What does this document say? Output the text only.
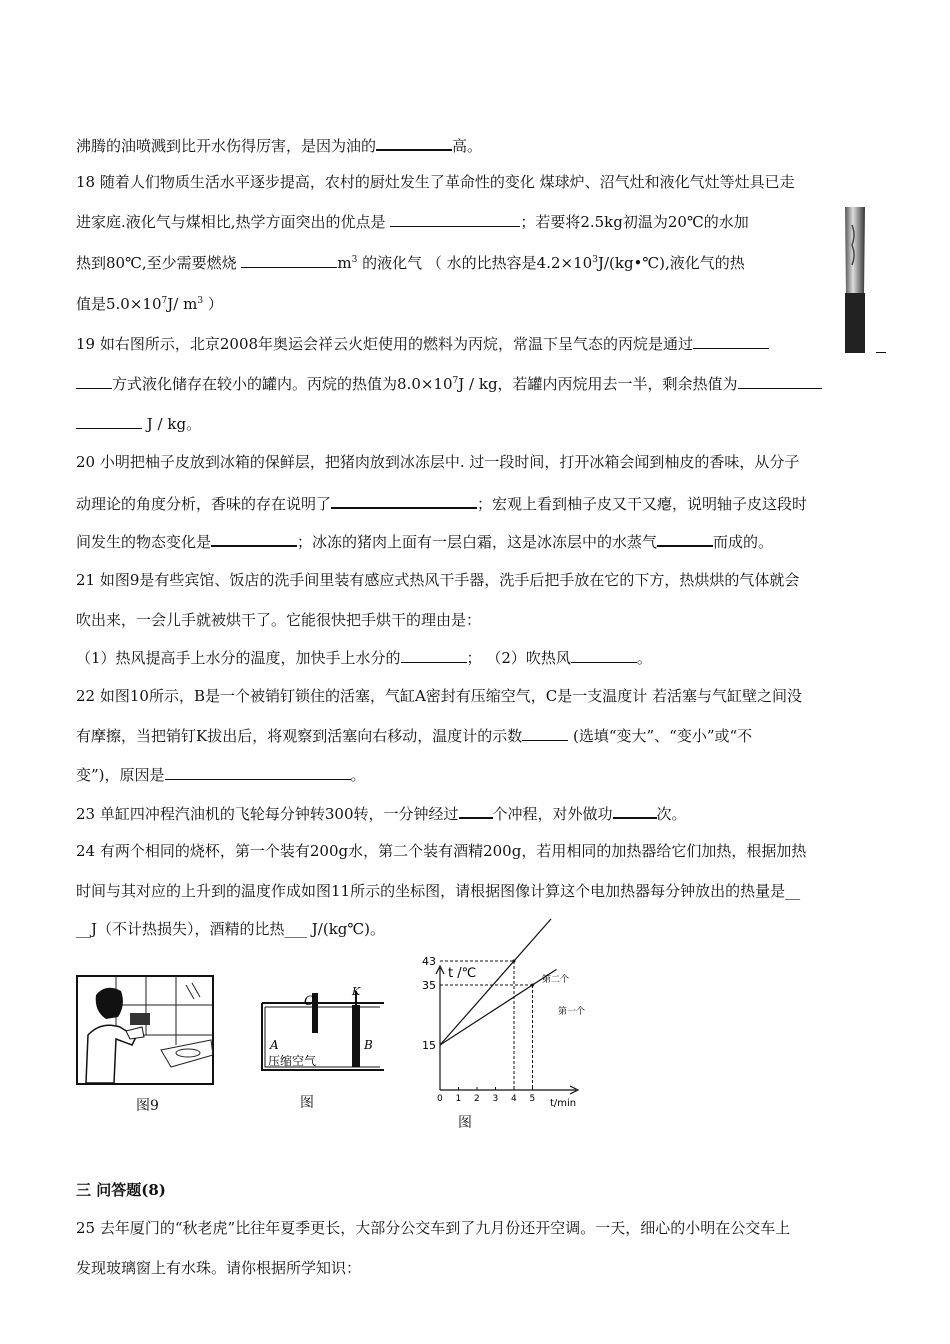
沸腾的油喷溅到比开水伤得厉害，是因为油的	高。
18 随着人们物质生活水平逐步提高，农村的厨灶发生了革命性的变化 煤球炉、沼气灶和液化气灶等灶具已走
进家庭.液化气与煤相比,热学方面突出的优点是	；若要将2.5kg初温为20℃的水加
热到80℃,至少需要燃烧	$m^3$ 的液化气 （ 水的比热容是$4.2\times 10^3J/(kg•℃)$,液化气的热
值是$5.0\times 10^7J/$ $m^3$ ）
19 如右图所示，北京2008年奥运会祥云火炬使用的燃料为丙烷，常温下呈气态的丙烷是通过
方式液化储存在较小的罐内。丙烷的热值为$8.0\times 10^7J$ / kg，若罐内丙烷用去一半，剩余热值为
J / kg。
20 小明把柚子皮放到冰箱的保鲜层，把猪肉放到冰冻层中. 过一段时间，打开冰箱会闻到柚皮的香味，从分子
动理论的角度分析，香味的存在说明了	；宏观上看到柚子皮又干又瘪，说明轴子皮这段时
间发生的物态变化是	；冰冻的猪肉上面有一层白霜，这是冰冻层中的水蒸气	而成的。
21 如图9是有些宾馆、饭店的洗手间里装有感应式热风干手器，洗手后把手放在它的下方，热烘烘的气体就会
吹出来，一会儿手就被烘干了。它能很快把手烘干的理由是：
（1）热风提高手上水分的温度，加快手上水分的	； （2）吹热风	。
22 如图10所示，B是一个被销钉锁住的活塞，气缸A密封有压缩空气，C是一支温度计 若活塞与气缸壁之间没
有摩擦，当把销钉K拔出后，将观察到活塞向右移动，温度计的示数	(选填“变大”、“变小”或“不
变”)，原因是	。
23 单缸四冲程汽油机的飞轮每分钟转300转，一分钟经过 个冲程，对外做功	次。
24 有两个相同的烧杯，第一个装有200g水，第二个装有酒精200g，若用相同的加热器给它们加热，根据加热
时间与其对应的上升到的温度作成如图11所示的坐标图，请根据图像计算这个电加热器每分钟放出的热量是__
__J（不计热损失），酒精的比热___ J/(kg℃)。
图9
C
K
A	B
压缩空气
图	0 1 2 3 4 5
43
35
15
t /℃
t/min
第二个
第一个
图
三 问答题(8)
25 去年厦门的“秋老虎”比往年夏季更长，大部分公交车到了九月份还开空调。一天，细心的小明在公交车上
发现玻璃窗上有水珠。请你根据所学知识：
